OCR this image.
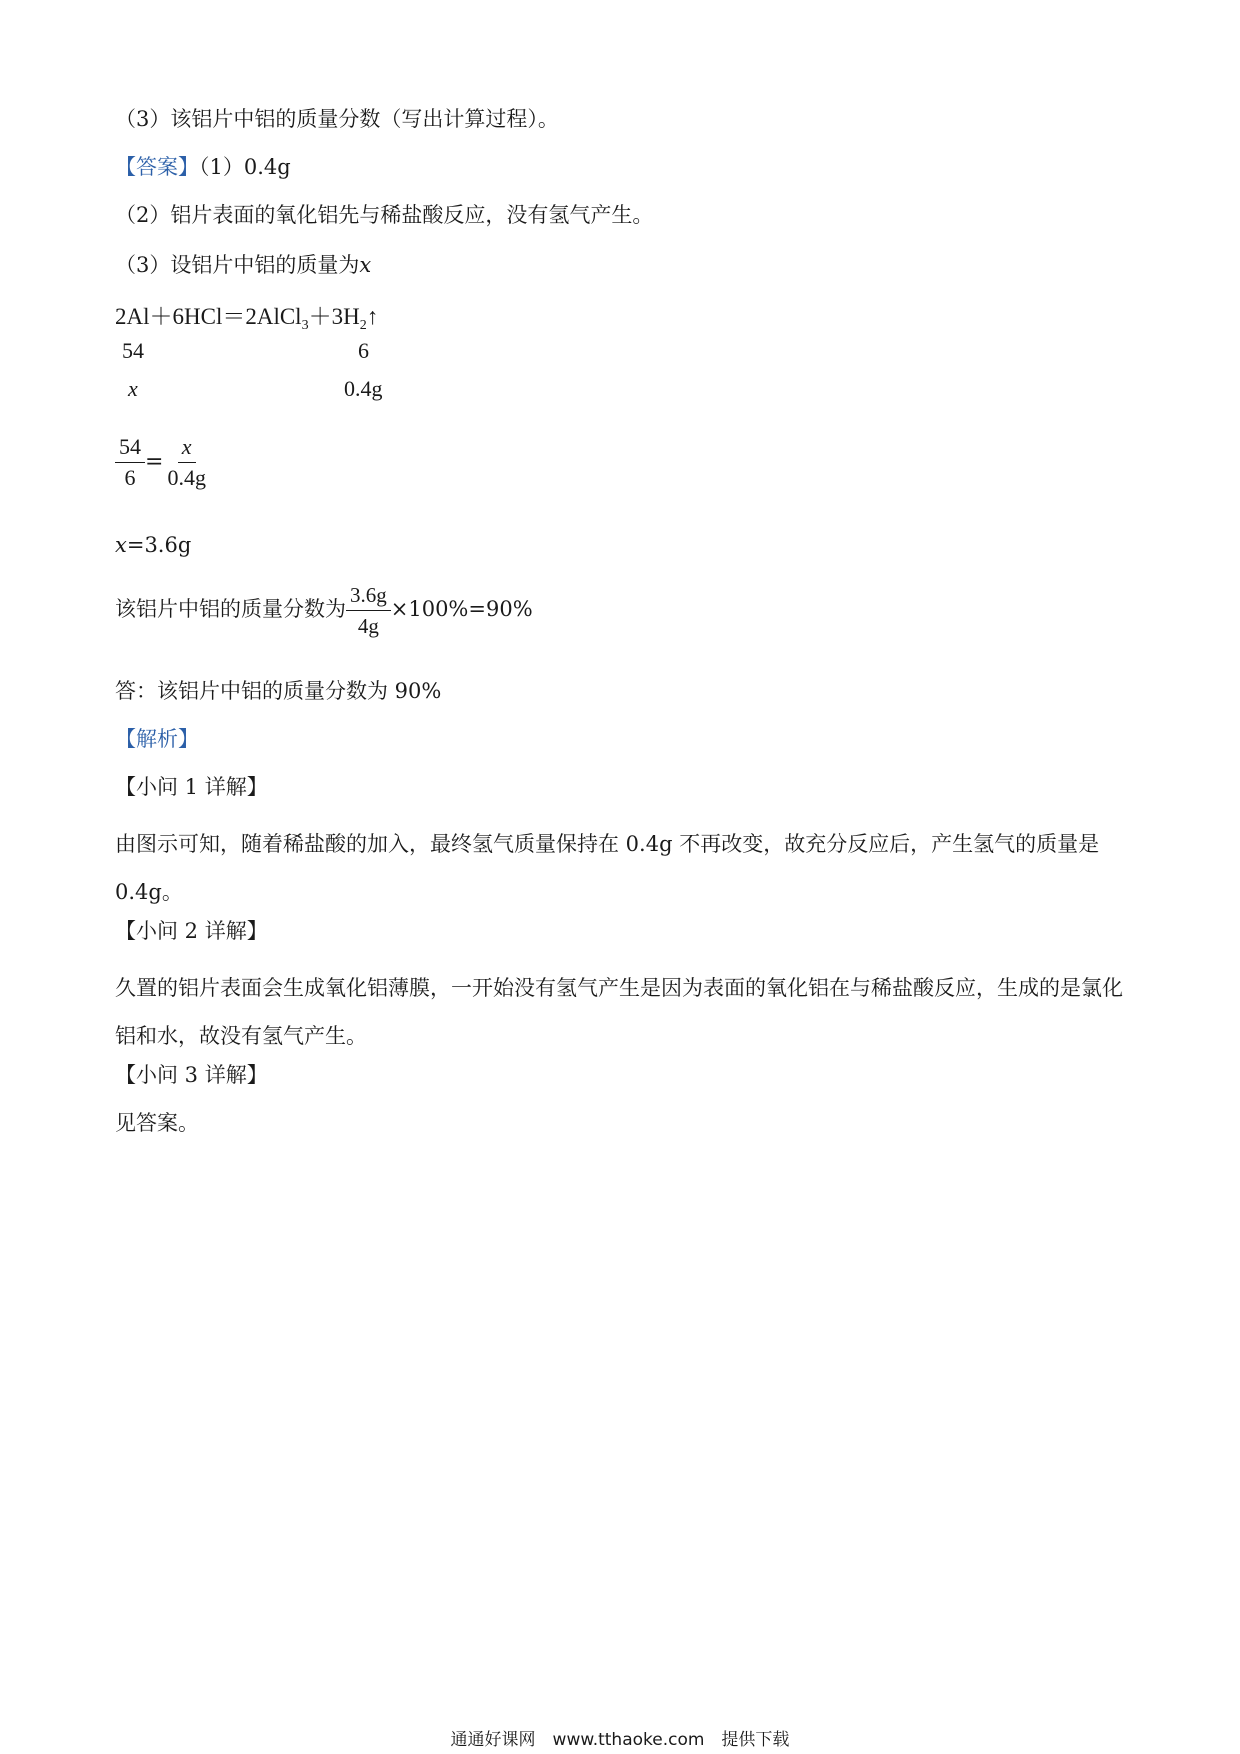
（3）该铝片中铝的质量分数（写出计算过程）。
【答案】（1）0.4g
（2）铝片表面的氧化铝先与稀盐酸反应，没有氢气产生。
（3）设铝片中铝的质量为x
$2Al+6HCl=2AlCl_3+3H_2↑$
54	6
x	0.4g
$\frac{54}{6} = \frac{x}{0.4g}$
x=3.6g
该铝片中铝的质量分数为 $\frac{3.6g}{4g} \times 100\%=90\%$
答：该铝片中铝的质量分数为 90%
【解析】
【小问 1 详解】
由图示可知，随着稀盐酸的加入，最终氢气质量保持在 0.4g 不再改变，故充分反应后，产生氢气的质量是 0.4g。
【小问 2 详解】
久置的铝片表面会生成氧化铝薄膜，一开始没有氢气产生是因为表面的氧化铝在与稀盐酸反应，生成的是氯化铝和水，故没有氢气产生。
【小问 3 详解】
见答案。
通通好课网　www.tthaoke.com　提供下载
